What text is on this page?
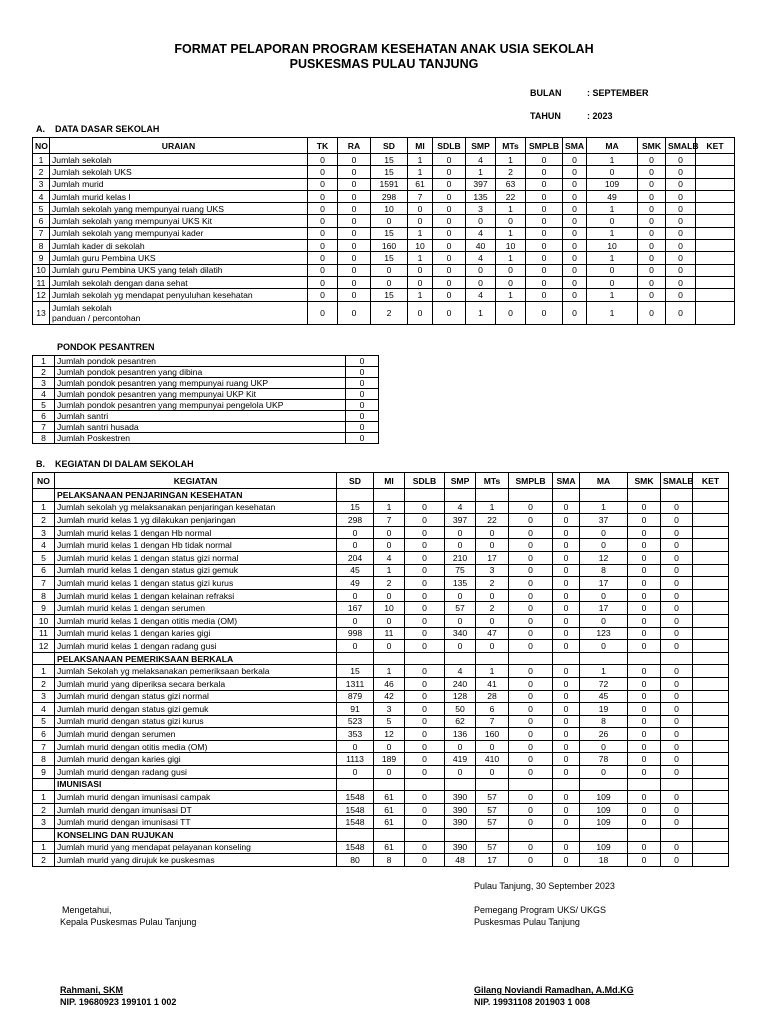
FORMAT PELAPORAN PROGRAM KESEHATAN ANAK USIA SEKOLAH
PUSKESMAS PULAU TANJUNG
BULAN	: SEPTEMBER
TAHUN	: 2023
A.    DATA DASAR SEKOLAH
NO	URAIAN	TK	RA	SD	MI	SDLB	SMP	MTs	SMPLB	SMA	MA	SMK	SMALB	KET
1	Jumlah sekolah	0	0	15	1	0	4	1	0	0	1	0	0	
2	Jumlah sekolah UKS	0	0	15	1	0	1	2	0	0	0	0	0	
3	Jumlah murid	0	0	1591	61	0	397	63	0	0	109	0	0	
4	Jumlah murid kelas I	0	0	298	7	0	135	22	0	0	49	0	0	
5	Jumlah sekolah yang mempunyai ruang UKS	0	0	10	0	0	3	1	0	0	1	0	0	
6	Jumlah sekolah yang mempunyai UKS Kit	0	0	0	0	0	0	0	0	0	0	0	0	
7	Jumlah sekolah yang mempunyai kader	0	0	15	1	0	4	1	0	0	1	0	0	
8	Jumlah kader di sekolah	0	0	160	10	0	40	10	0	0	10	0	0	
9	Jumlah guru Pembina UKS	0	0	15	1	0	4	1	0	0	1	0	0	
10	Jumlah guru Pembina UKS yang telah dilatih	0	0	0	0	0	0	0	0	0	0	0	0	
11	Jumlah sekolah dengan dana sehat	0	0	0	0	0	0	0	0	0	0	0	0	
12	Jumlah sekolah yg mendapat penyuluhan kesehatan	0	0	15	1	0	4	1	0	0	1	0	0	
13	Jumlah sekolah
panduan / percontohan	0	0	2	0	0	1	0	0	0	1	0	0	
PONDOK PESANTREN
1	Jumlah pondok pesantren	0
2	Jumlah pondok pesantren yang dibina	0
3	Jumlah pondok pesantren yang mempunyai ruang UKP	0
4	Jumlah pondok pesantren yang mempunyai UKP Kit	0
5	Jumlah pondok pesantren yang mempunyai pengelola UKP	0
6	Jumlah santri	0
7	Jumlah santri husada	0
8	Jumlah Poskestren	0
B.    KEGIATAN DI DALAM SEKOLAH
NO	KEGIATAN	SD	MI	SDLB	SMP	MTs	SMPLB	SMA	MA	SMK	SMALB	KET
	PELAKSANAAN PENJARINGAN KESEHATAN											
1	Jumlah sekolah yg melaksanakan penjaringan kesehatan	15	1	0	4	1	0	0	1	0	0	
2	Jumlah murid kelas 1 yg dilakukan penjaringan	298	7	0	397	22	0	0	37	0	0	
3	Jumlah murid kelas 1 dengan Hb normal	0	0	0	0	0	0	0	0	0	0	
4	Jumlah murid kelas 1 dengan Hb tidak normal	0	0	0	0	0	0	0	0	0	0	
5	Jumlah murid kelas 1 dengan status gizi normal	204	4	0	210	17	0	0	12	0	0	
6	Jumlah murid kelas 1 dengan status gizi gemuk	45	1	0	75	3	0	0	8	0	0	
7	Jumlah murid kelas 1 dengan status gizi kurus	49	2	0	135	2	0	0	17	0	0	
8	Jumlah murid kelas 1 dengan kelainan refraksi	0	0	0	0	0	0	0	0	0	0	
9	Jumlah murid kelas 1 dengan serumen	167	10	0	57	2	0	0	17	0	0	
10	Jumlah murid kelas 1 dengan otitis media (OM)	0	0	0	0	0	0	0	0	0	0	
11	Jumlah murid kelas 1 dengan karies gigi	998	11	0	340	47	0	0	123	0	0	
12	Jumlah murid kelas 1 dengan radang gusi	0	0	0	0	0	0	0	0	0	0	
	PELAKSANAAN PEMERIKSAAN BERKALA											
1	Jumlah Sekolah yg melaksanakan pemeriksaan berkala	15	1	0	4	1	0	0	1	0	0	
2	Jumlah murid yang diperiksa secara berkala	1311	46	0	240	41	0	0	72	0	0	
3	Jumlah murid dengan status gizi normal	879	42	0	128	28	0	0	45	0	0	
4	Jumlah murid dengan status gizi gemuk	91	3	0	50	6	0	0	19	0	0	
5	Jumlah murid dengan status gizi kurus	523	5	0	62	7	0	0	8	0	0	
6	Jumlah murid dengan serumen	353	12	0	136	160	0	0	26	0	0	
7	Jumlah murid dengan otitis media (OM)	0	0	0	0	0	0	0	0	0	0	
8	Jumlah murid dengan karies gigi	1113	189	0	419	410	0	0	78	0	0	
9	Jumlah murid dengan radang gusi	0	0	0	0	0	0	0	0	0	0	
	IMUNISASI											
1	Jumlah murid dengan imunisasi campak	1548	61	0	390	57	0	0	109	0	0	
2	Jumlah murid dengan imunisasi DT	1548	61	0	390	57	0	0	109	0	0	
3	Jumlah murid dengan imunisasi TT	1548	61	0	390	57	0	0	109	0	0	
	KONSELING DAN RUJUKAN											
1	Jumlah murid yang mendapat pelayanan konseling	1548	61	0	390	57	0	0	109	0	0	
2	Jumlah murid yang dirujuk ke puskesmas	80	8	0	48	17	0	0	18	0	0	
Pulau Tanjung, 30 September 2023
Mengetahui,
Kepala Puskesmas Pulau Tanjung
Rahmani, SKM
NIP. 19680923 199101 1 002
Pemegang Program UKS/ UKGS
Puskesmas Pulau Tanjung
Gilang Noviandi Ramadhan, A.Md.KG
NIP. 19931108 201903 1 008
